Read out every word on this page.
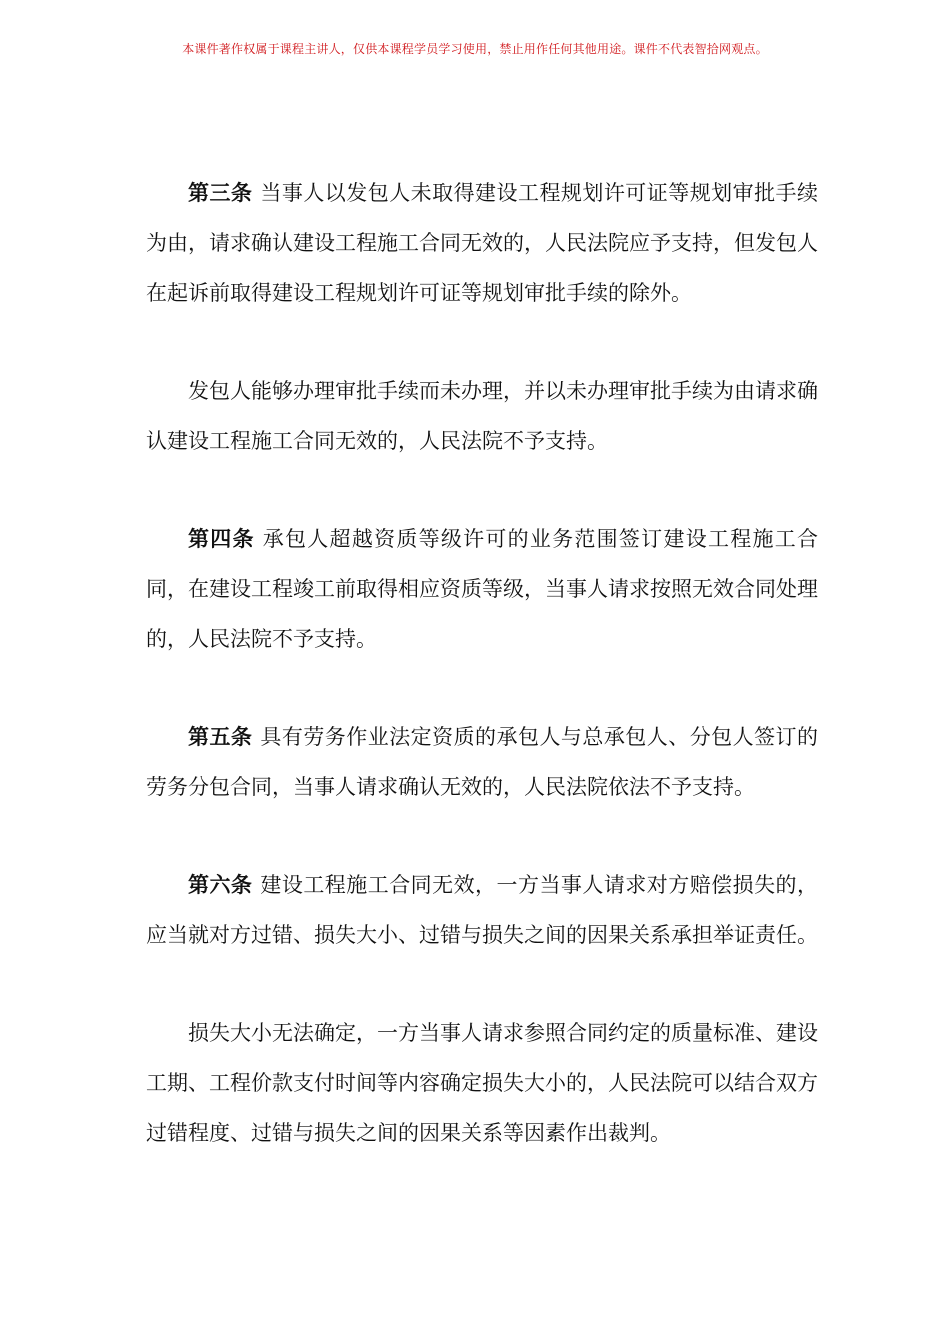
本课件著作权属于课程主讲人，仅供本课程学员学习使用，禁止用作任何其他用途。课件不代表智拾网观点。

第三条 当事人以发包人未取得建设工程规划许可证等规划审批手续为由，请求确认建设工程施工合同无效的，人民法院应予支持，但发包人在起诉前取得建设工程规划许可证等规划审批手续的除外。

发包人能够办理审批手续而未办理，并以未办理审批手续为由请求确认建设工程施工合同无效的，人民法院不予支持。

第四条 承包人超越资质等级许可的业务范围签订建设工程施工合同，在建设工程竣工前取得相应资质等级，当事人请求按照无效合同处理的，人民法院不予支持。

第五条 具有劳务作业法定资质的承包人与总承包人、分包人签订的劳务分包合同，当事人请求确认无效的，人民法院依法不予支持。

第六条 建设工程施工合同无效，一方当事人请求对方赔偿损失的，应当就对方过错、损失大小、过错与损失之间的因果关系承担举证责任。

损失大小无法确定，一方当事人请求参照合同约定的质量标准、建设工期、工程价款支付时间等内容确定损失大小的，人民法院可以结合双方过错程度、过错与损失之间的因果关系等因素作出裁判。
